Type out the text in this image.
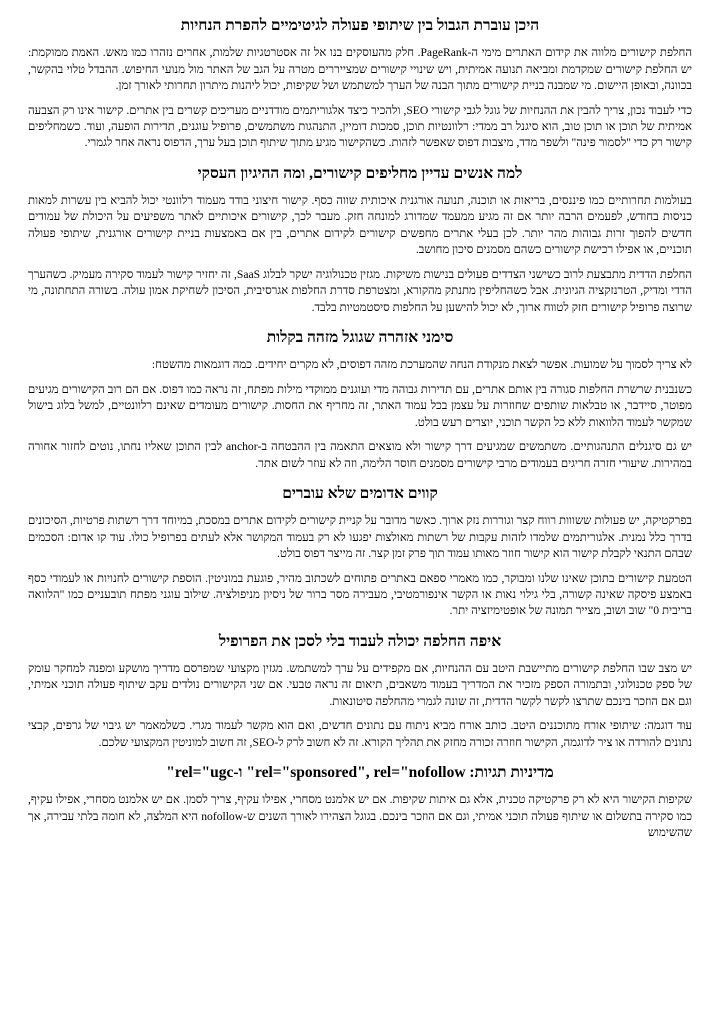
היכן עוברת הגבול בין שיתופי פעולה לגיטימיים להפרת הנחיות

החלפת קישורים מלווה את קידום האתרים מימי ה-PageRank. חלק מהעוסקים בנו אל זה אסטרטגיות שלמות, אחרים נזהרו כמו מאש. האמת ממוקמת: יש החלפת קישורים שמקדמת ומביאה תנועה אמיתית, ויש שינויי קישורים שמצייררים מטרה על הגב של האתר מול מנועי החיפוש. ההבדל טלוי בהקשר, בכוונה, ובאופן היישום. מי שמבנה בניית קישורים מתוך הבנה של הערך למשתמש ושל שקיפות, יכול ליהנות מיתרון תחרותי לאורך זמן.

כדי לעבוד נכון, צריך להבין את ההנחיות של גוגל לגבי קישורי SEO, ולהכיר כיצד אלגוריתמים מודדניים מעריכים קשרים בין אתרים. קישור אינו רק הצבעה אמיתית של תוכן או תוכן טוב, הוא סיגנל רב ממדי: רלוונטיות תוכן, סמכות דומיין, התנהגות משתמשים, פרופיל עוגנים, תדירות הופעה, ועוד. כשמחליפים קישור רק כדי "לסמור פינה" ולשפר מדד, מיצבות דפוס שאפשר לזהות. כשהקישור מגיע מתוך שיתוף תוכן בעל ערך, הדפוס נראה אחר לגמרי.

למה אנשים עדיין מחליפים קישורים, ומה ההיגיון העסקי

בעולמות תחרותיים כמו פיננסים, בריאות או תוכנה, תנועה אורגנית איכותית שווה כסף. קישור חיצוני בודד מעמוד רלוונטי יכול להביא בין עשרות למאות כניסות בחודש, לפעמים הרבה יותר אם זה מגיע ממעמד שמדורג למונחה חזק. מעבר לכך, קישורים איכותיים לאתר משפיעים על היכולת של עמודים חדשים להפוך זרות גבוהות מהר יותר. לכן בעלי אתרים מחפשים קישורים לקידום אתרים, בין אם באמצעות בניית קישורים אורגנית, שיתופי פעולה תוכניים, או אפילו רכישת קישורים כשהם מסמנים סיכון מחושב.

החלפת הדדית מתבצעת לרוב כשישני הצדדים פעולים בנישות משיקות. מגזין טכנולוגיה ישקר לבלוג SaaS, זה יחזיר קישור לעמוד סקירה מעמיק. כשהערך הדדי ומדיק, הטרנזקציה הגיונית. אבל כשהחליפין מתנתק מהקורא, ומצטרפת סדרת החלפות אגרסיבית, הסיכון לשחיקת אמון עולה. בשורה התחתונה, מי שרוצה פרופיל קישורים חזק לטווח ארוך, לא יכול להישען על החלפות סיסטמטיות בלבד.

סימני אזהרה שגוגל מזהה בקלות

לא צריך לסמוך על שמועות. אפשר לצאת מנקודת הנחה שהמערכת מזהה דפוסים, לא מקרים יחידים. כמה דוגמאות מהשטח:

כשנבנית שרשרת החלפות סגורה בין אותם אתרים, עם תדירות גבוהה מדי ועוגנים ממוקדי מילות מפתח, זה נראה כמו דפוס. אם הם רוב הקישורים מגיעים מפוטר, סיידבר, או טבלאות שותפים שחוזרות על עצמן בכל עמוד האתר, זה מחריף את החסות. קישורים מעומדים שאינם רלוונטיים, למשל בלוג בישול שמקשר לעמוד הלוואות ללא כל הקשר תוכני, יוצרים רעש בולט.

יש גם סיגנלים התנהגותיים. משתמשים שמגיעים דרך קישור ולא מוצאים התאמה בין ההבטחה ב-anchor לבין התוכן שאליו נחתו, נוטים לחזור אחורה במהירות. שיעורי חזרה חריגים בעמודים מרבי קישורים מסמנים חוסר הלימה, וזה לא עוזר לשום אתר.

קווים אדומים שלא עוברים

בפרקטיקה, יש פעולות ששווות רווח קצר וגוררות נזק ארוך. כאשר מדובר על קניית קישורים לקידום אתרים במסכת, במיוחד דרך רשתות פרטיות, הסיכונים בדרך כלל נמנית. אלגוריתמים שלמדו לזהות עקבות של רשתות מאולצות יפגעו לא רק בעמוד המקושר אלא לעתים בפרופיל כולו. עוד קו אדום: הסכמים שבהם התנאי לקבלת קישור הוא קישור חוזר מאותו עמוד תוך פרק זמן קצר. זה מייצר דפוס בולט.

הטמעת קישורים בתוכן שאינו שלנו ומבוקר, כמו מאמרי ספאם באתרים פתוחים לשכתוב מהיר, פוגעת במוניטין. הוספת קישורים לחנויות או לעמודי כסף באמצע פיסקה שאינה קשורה, בלי גילוי נאות או הקשר אינפורמטיבי, מעבירה מסר ברור של ניסיון מניפולציה. שילוב עוגני מפתח תובעניים כמו "הלוואה בריבית 0" שוב ושוב, מצייר תמונה של אופטימיזציה יתר.

איפה החלפה יכולה לעבוד בלי לסכן את הפרופיל

יש מצב שבו החלפת קישורים מתיישבת היטב עם ההנחיות, אם מקפידים על ערך למשתמש. מגזין מקצועי שמפרסם מדריך מושקע ומפנה למחקר עומק של ספק טכנולוגי, ובתמורה הספק מזכיר את המדריך בעמוד משאבים, תיאום זה נראה טבעי. אם שני הקישורים נולדים עקב שיתוף פעולה תוכני אמיתי, וגם אם הוזכר בינכם שתרצו לקשר לקשר הדדית, זה שונה לגמרי מהחלפה סיטונאות.

עוד דוגמה: שיתופי אורח מתוכננים היטב. כותב אורח מביא ניתוח עם נתונים חדשים, ואם הוא מקשר לעמוד מגרי. כשלמאמר יש גיבוי של גרפים, קבצי נתונים להורדה או ציר לדוגמה, הקישור חוזרה זכורה מחזק את תהליך הקורא. זה לא חשוב לרק ל-SEO, זה חשוב למוניטין המקצועי שלכם.

מדיניות תגיות: rel="sponsored", rel="nofollow" ו-rel="ugc"

שקיפות הקישור היא לא רק פרקטיקה טכנית, אלא גם איתות שקיפות. אם יש אלמנט מסחרי, אפילו עקיף, צריך לסמן. אם יש אלמנט מסחרי, אפילו עקיף, כמו סקירה בתשלום או שיתוף פעולה תוכני אמיתי, וגם אם הוזכר בינכם. בגוגל הצהירו לאורך השנים ש-nofollow היא המלצה, לא חומה בלתי עבירה, אך שהשימוש
